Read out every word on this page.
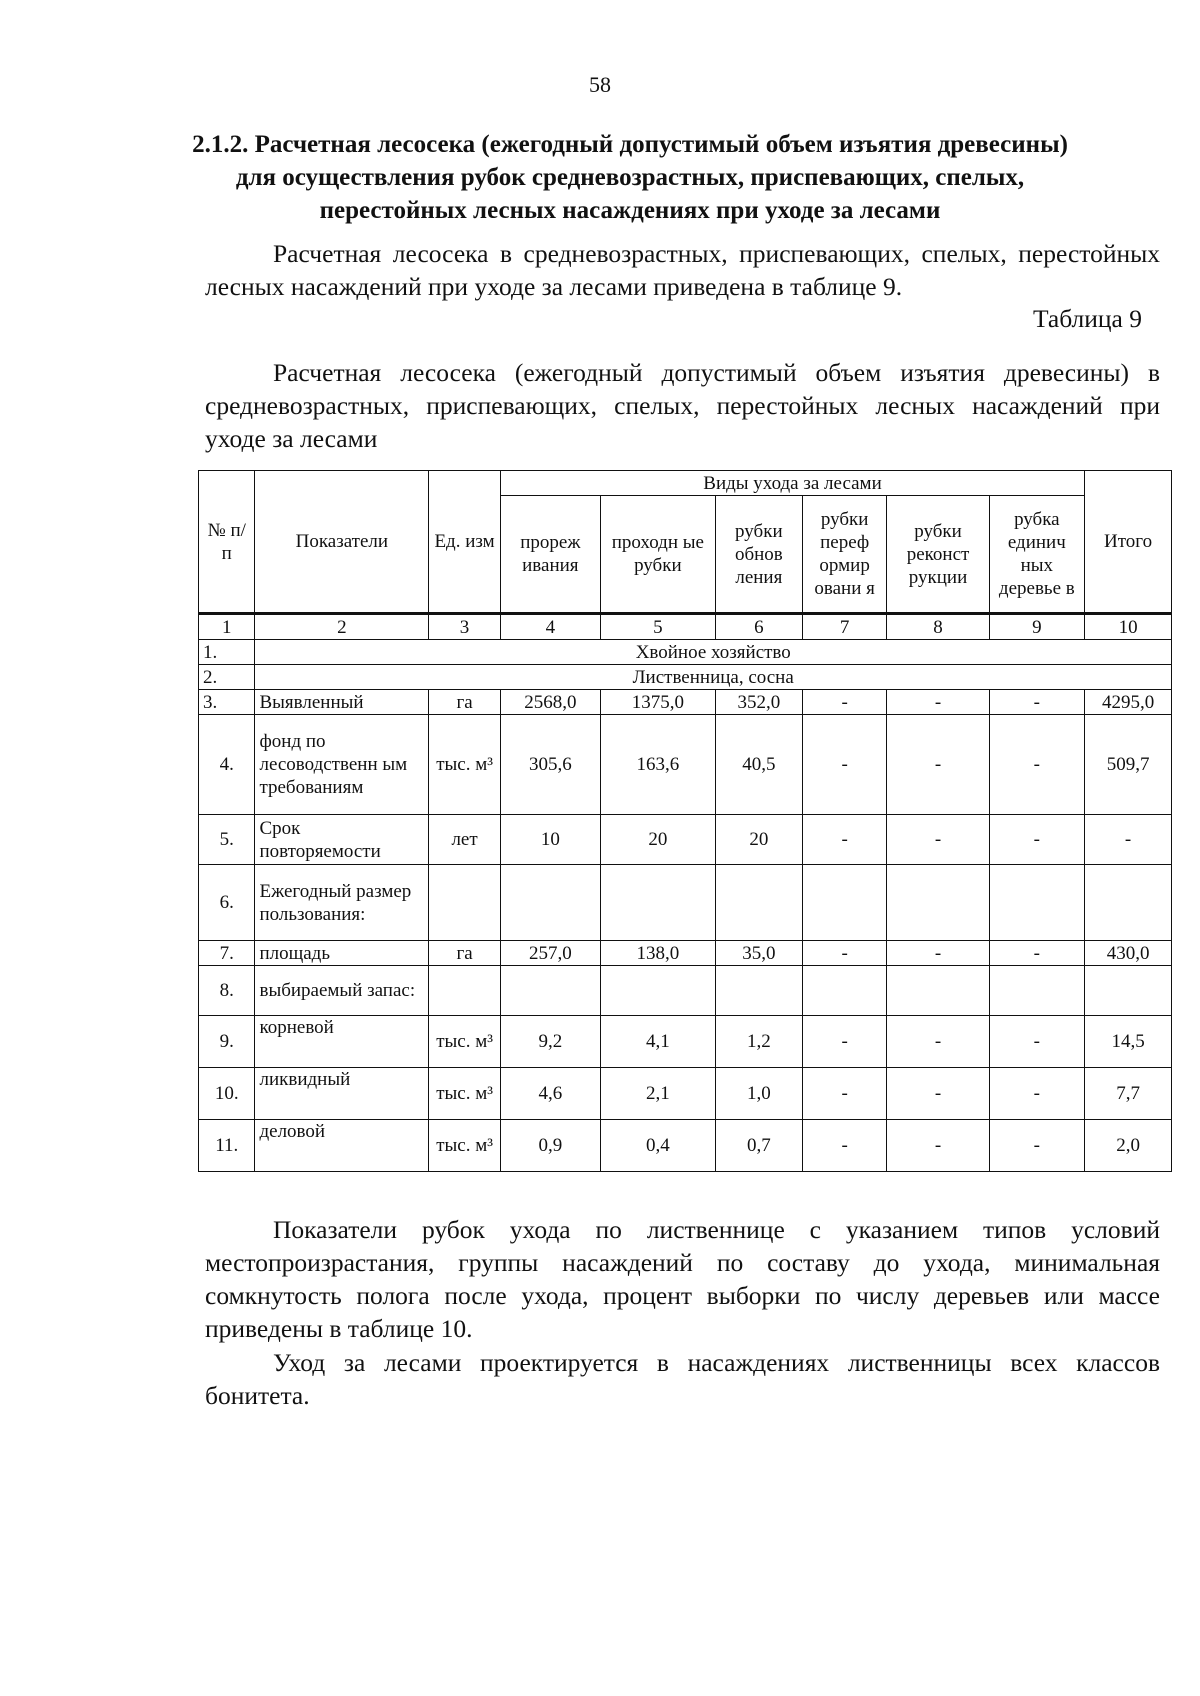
58
2.1.2. Расчетная лесосека (ежегодный допустимый объем изъятия древесины) для осуществления рубок средневозрастных, приспевающих, спелых, перестойных лесных насаждениях при уходе за лесами
Расчетная лесосека в средневозрастных, приспевающих, спелых, перестойных лесных насаждений при уходе за лесами приведена в таблице 9.
Таблица 9
Расчетная лесосека (ежегодный допустимый объем изъятия древесины) в средневозрастных, приспевающих, спелых, перестойных лесных насаждений при уходе за лесами
№ п/п	Показатели	Ед. изм	Виды ухода за лесами						Итого
			прореж ивания	проходн ые рубки	рубки обнов ления	рубки переф ормир овани я	рубки реконст рукции	рубка единич ных деревье в	
1	2	3	4	5	6	7	8	9	10
1.	Хвойное хозяйство								
2.	Лиственница, сосна								
3.	Выявленный	га	2568,0	1375,0	352,0	-	-	-	4295,0
4.	фонд по лесоводственн ым требованиям	тыс. м³	305,6	163,6	40,5	-	-	-	509,7
5.	Срок повторяемости	лет	10	20	20	-	-	-	-
6.	Ежегодный размер пользования:								
7.	площадь	га	257,0	138,0	35,0	-	-	-	430,0
8.	выбираемый запас:								
9.	корневой	тыс. м³	9,2	4,1	1,2	-	-	-	14,5
10.	ликвидный	тыс. м³	4,6	2,1	1,0	-	-	-	7,7
11.	деловой	тыс. м³	0,9	0,4	0,7	-	-	-	2,0
Показатели рубок ухода по лиственнице с указанием типов условий местопроизрастания, группы насаждений по составу до ухода, минимальная сомкнутость полога после ухода, процент выборки по числу деревьев или массе приведены в таблице 10.
Уход за лесами проектируется в насаждениях лиственницы всех классов бонитета.
